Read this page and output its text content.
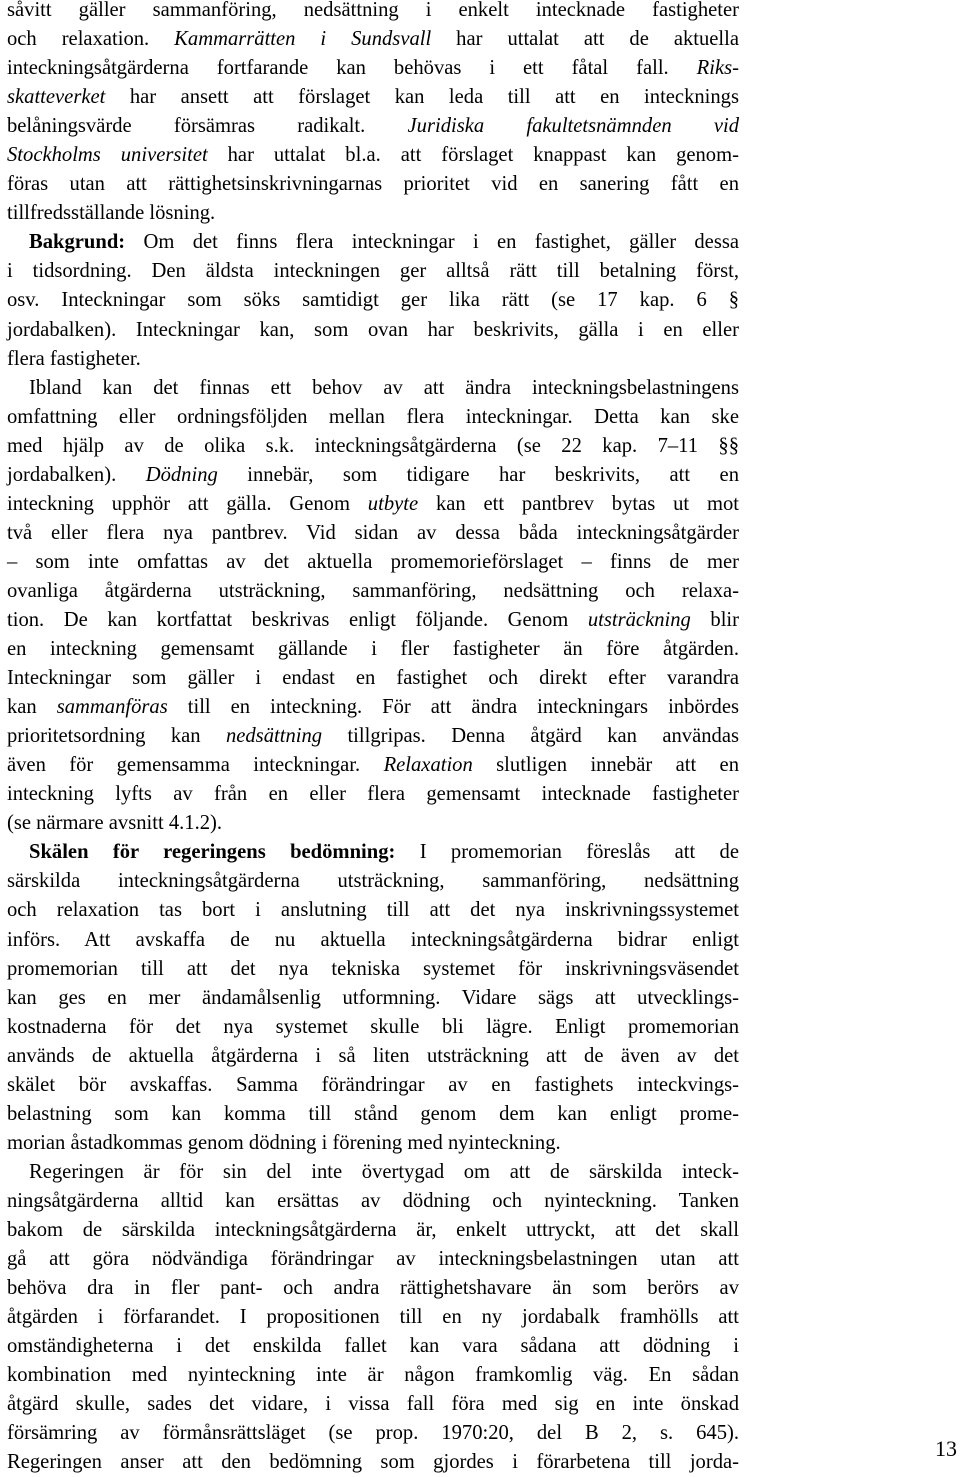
såvitt gäller sammanföring, nedsättning i enkelt intecknade fastigheter
och relaxation. Kammarrätten i Sundsvall har uttalat att de aktuella
inteckningsåtgärderna fortfarande kan behövas i ett fåtal fall. Riks-
skatteverket har ansett att förslaget kan leda till att en intecknings
belåningsvärde försämras radikalt. Juridiska fakultetsnämnden vid
Stockholms universitet har uttalat bl.a. att förslaget knappast kan genom-
föras utan att rättighetsinskrivningarnas prioritet vid en sanering fått en
tillfredsställande lösning.
Bakgrund: Om det finns flera inteckningar i en fastighet, gäller dessa
i tidsordning. Den äldsta inteckningen ger alltså rätt till betalning först,
osv. Inteckningar som söks samtidigt ger lika rätt (se 17 kap. 6 §
jordabalken). Inteckningar kan, som ovan har beskrivits, gälla i en eller
flera fastigheter.
Ibland kan det finnas ett behov av att ändra inteckningsbelastningens
omfattning eller ordningsföljden mellan flera inteckningar. Detta kan ske
med hjälp av de olika s.k. inteckningsåtgärderna (se 22 kap. 7–11 §§
jordabalken). Dödning innebär, som tidigare har beskrivits, att en
inteckning upphör att gälla. Genom utbyte kan ett pantbrev bytas ut mot
två eller flera nya pantbrev. Vid sidan av dessa båda inteckningsåtgärder
– som inte omfattas av det aktuella promemorieförslaget – finns de mer
ovanliga åtgärderna utsträckning, sammanföring, nedsättning och relaxa-
tion. De kan kortfattat beskrivas enligt följande. Genom utsträckning blir
en inteckning gemensamt gällande i fler fastigheter än före åtgärden.
Inteckningar som gäller i endast en fastighet och direkt efter varandra
kan sammanföras till en inteckning. För att ändra inteckningars inbördes
prioritetsordning kan nedsättning tillgripas. Denna åtgärd kan användas
även för gemensamma inteckningar. Relaxation slutligen innebär att en
inteckning lyfts av från en eller flera gemensamt intecknade fastigheter
(se närmare avsnitt 4.1.2).
Skälen för regeringens bedömning: I promemorian föreslås att de
särskilda inteckningsåtgärderna utsträckning, sammanföring, nedsättning
och relaxation tas bort i anslutning till att det nya inskrivningssystemet
införs. Att avskaffa de nu aktuella inteckningsåtgärderna bidrar enligt
promemorian till att det nya tekniska systemet för inskrivningsväsendet
kan ges en mer ändamålsenlig utformning. Vidare sägs att utvecklings-
kostnaderna för det nya systemet skulle bli lägre. Enligt promemorian
används de aktuella åtgärderna i så liten utsträckning att de även av det
skälet bör avskaffas. Samma förändringar av en fastighets inteckvings-
belastning som kan komma till stånd genom dem kan enligt prome-
morian åstadkommas genom dödning i förening med nyinteckning.
Regeringen är för sin del inte övertygad om att de särskilda inteck-
ningsåtgärderna alltid kan ersättas av dödning och nyinteckning. Tanken
bakom de särskilda inteckningsåtgärderna är, enkelt uttryckt, att det skall
gå att göra nödvändiga förändringar av inteckningsbelastningen utan att
behöva dra in fler pant- och andra rättighetshavare än som berörs av
åtgärden i förfarandet. I propositionen till en ny jordabalk framhölls att
omständigheterna i det enskilda fallet kan vara sådana att dödning i
kombination med nyinteckning inte är någon framkomlig väg. En sådan
åtgärd skulle, sades det vidare, i vissa fall föra med sig en inte önskad
försämring av förmånsrättsläget (se prop. 1970:20, del B 2, s. 645).
Regeringen anser att den bedömning som gjordes i förarbetena till jorda-
13
